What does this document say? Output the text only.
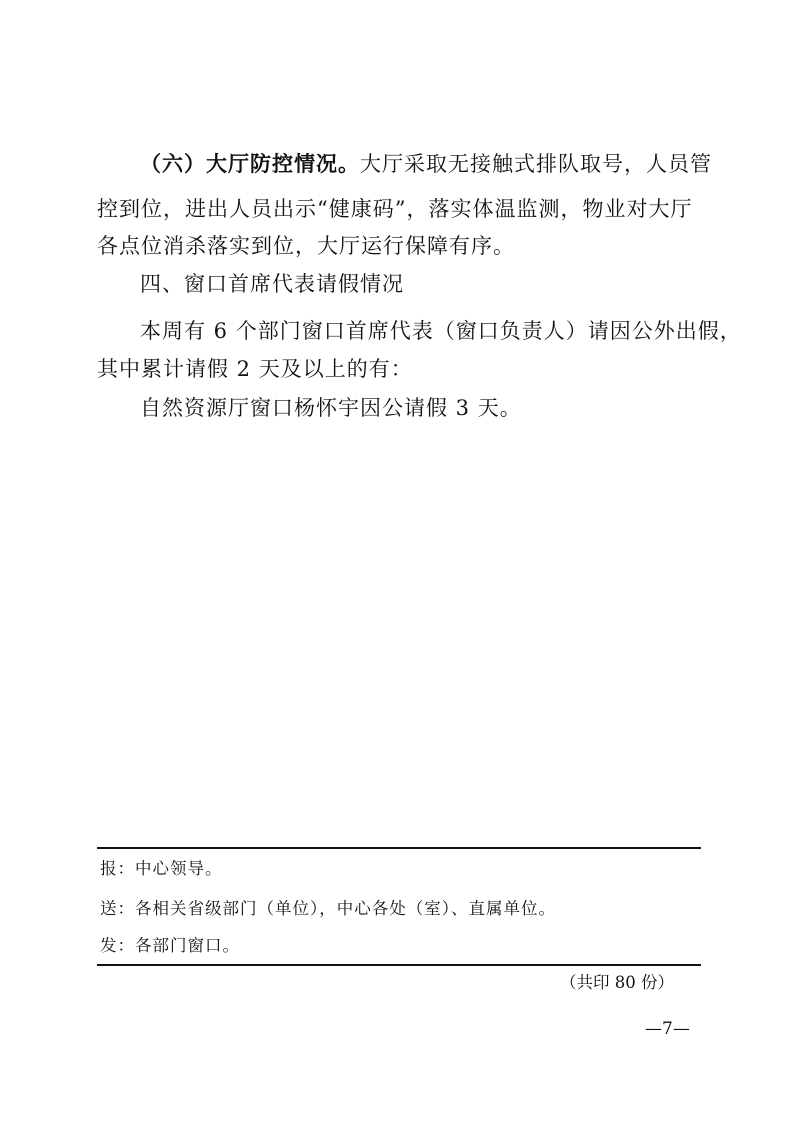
（六）大厅防控情况。大厅采取无接触式排队取号，人员管
控到位，进出人员出示“健康码”，落实体温监测，物业对大厅
各点位消杀落实到位，大厅运行保障有序。
四、窗口首席代表请假情况
本周有 6 个部门窗口首席代表（窗口负责人）请因公外出假，
其中累计请假 2 天及以上的有：
自然资源厅窗口杨怀宇因公请假 3 天。
报：中心领导。
送：各相关省级部门（单位），中心各处（室）、直属单位。
发：各部门窗口。
（共印 80 份）
—7—
